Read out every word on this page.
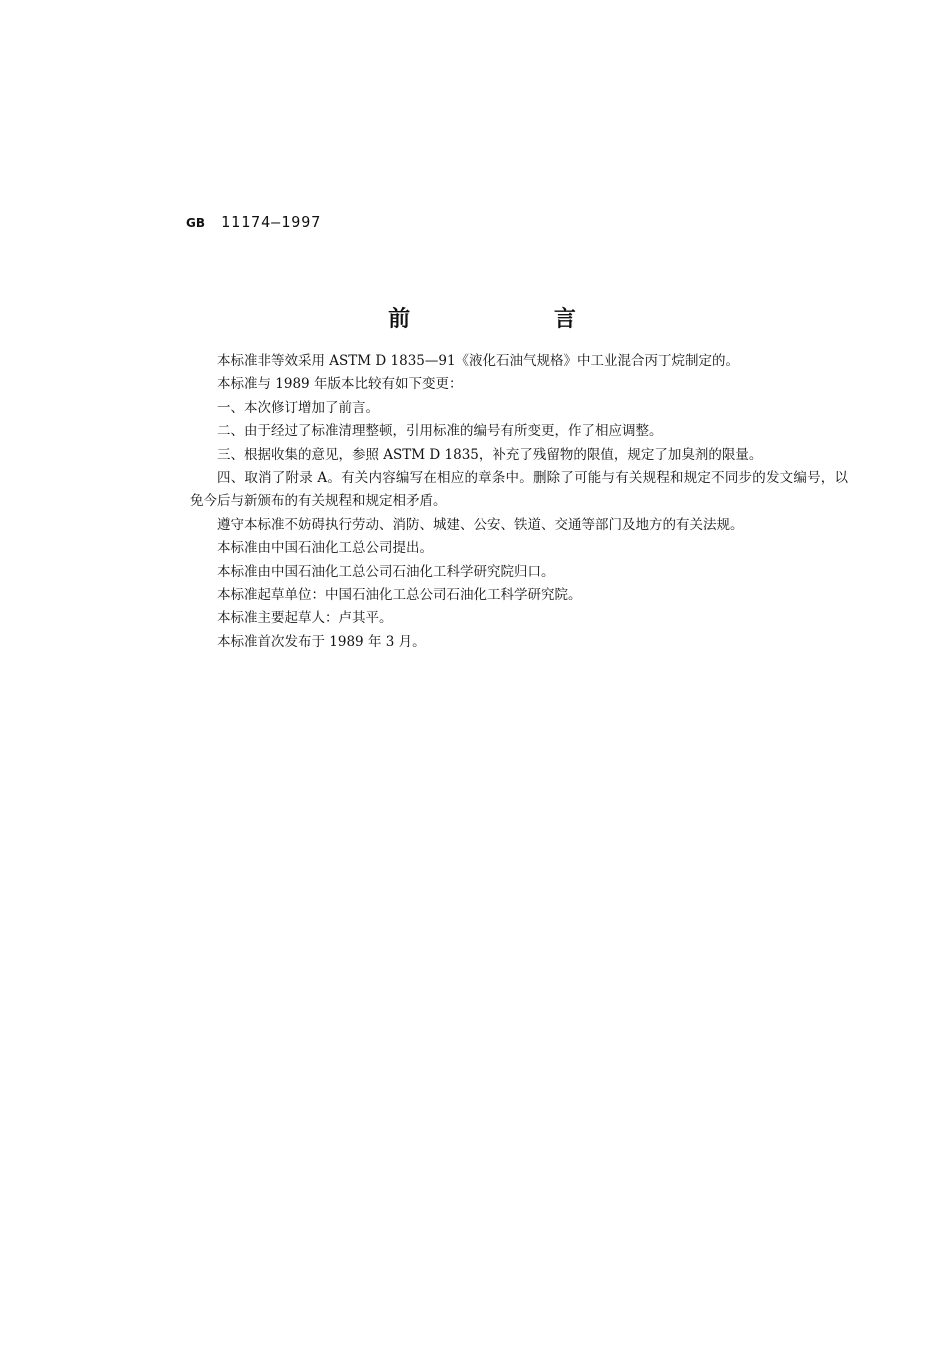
GB 11174—1997
前 言

本标准非等效采用 ASTM D 1835—91《液化石油气规格》中工业混合丙丁烷制定的。

本标准与 1989 年版本比较有如下变更：

一、本次修订增加了前言。

二、由于经过了标准清理整顿，引用标准的编号有所变更，作了相应调整。

三、根据收集的意见，参照 ASTM D 1835，补充了残留物的限值，规定了加臭剂的限量。

四、取消了附录 A。有关内容编写在相应的章条中。删除了可能与有关规程和规定不同步的发文编号，以免今后与新颁布的有关规程和规定相矛盾。

遵守本标准不妨碍执行劳动、消防、城建、公安、铁道、交通等部门及地方的有关法规。

本标准由中国石油化工总公司提出。

本标准由中国石油化工总公司石油化工科学研究院归口。

本标准起草单位：中国石油化工总公司石油化工科学研究院。

本标准主要起草人：卢其平。

本标准首次发布于 1989 年 3 月。
